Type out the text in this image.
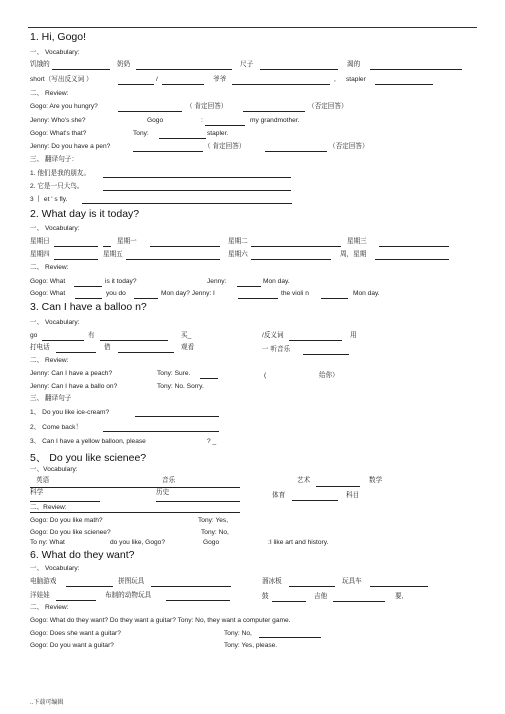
1. Hi, Gogo!
一、 Vocabulary:
饥饿的	奶奶	尺子	渴的
short（写出反义词 ）	/	爷爷	, stapler
二、 Review:
Gogo: Are you hungry?	（ 肯定回答）	（否定回答）
Jenny: Who's she?	Gogo	:	my grandmother.
Gogo: What's that?	Tony:	stapler.
Jenny: Do you have a pen?	（ 肯定回答）	（否定回答）
三、 翻译句子：
1. 他们是我的朋友。
2. 它是一只大鸟。
3 丨 et ' s fly.
2. What day is it today?
一、 Vocabulary:
星期日	星期一	星期二	星期三
星期四	星期五	星期六	周，星期
二、 Review:
Gogo: What	is it today?	Jenny:	Mon day.
Gogo: What	you do	Mon day? Jenny: I	the violi n	Mon day.
3. Can I have a balloo n?
一、 Vocabulary:
go	有	买_	/反义词	用
打电话	借	观看	一 听音乐
二、 Review:
Jenny: Can I have a peach?	Tony: Sure.	(	给你）
Jenny: Can I have a ballo on?	Tony: No. Sorry.
三、 翻译句子
1、 Do you like ice-cream?
2、 Come back！
3、 Can I have a yellow balloon, please	? _
5、 Do you like scienee?
一、Vocabulary:
英语	音乐	艺术	数学
科学	历史	体育	科目
二、Review:
Gogo: Do you like math?	Tony: Yes,
Gogo: Do you like scienee?	Tony: No,
To ny: What	do you like, Gogo?	Gogo	:I like art and history.
6. What do they want?
一、 Vocabulary:
电脑游戏	拼图玩具	溜冰板	玩具车
洋娃娃	布制的动物玩具	鼓	吉他	要,
二、 Review:
Gogo: What do they want? Do they want a guitar? Tony: No, they want a computer game.
Gogo: Does she want a guitar?	Tony: No,
Gogo: Do you want a guitar?	Tony: Yes, please.
..下载可编辑
